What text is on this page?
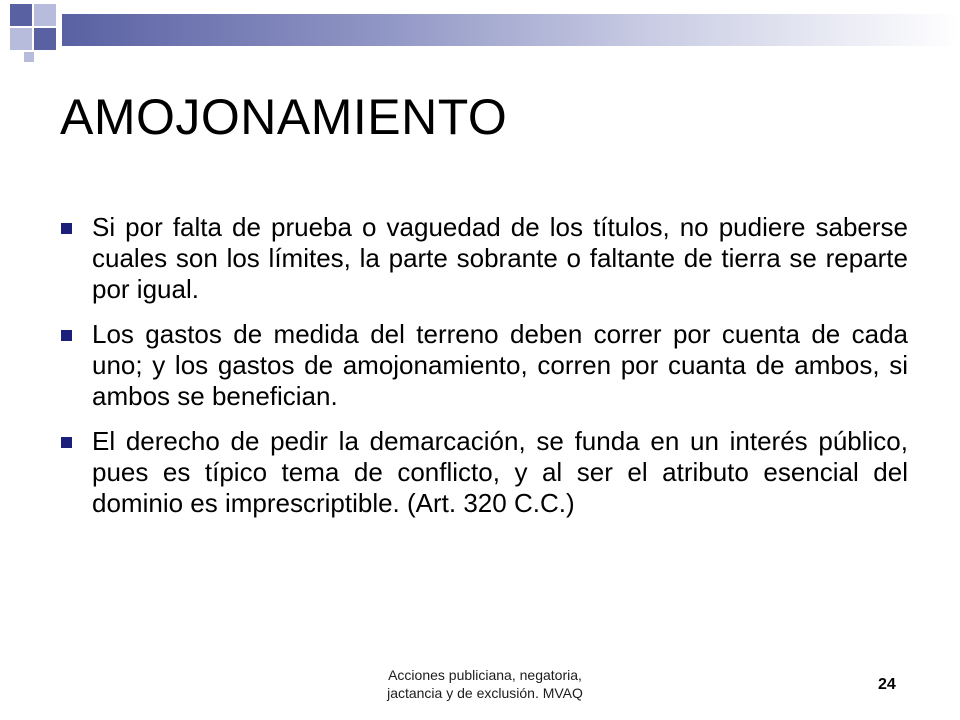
AMOJONAMIENTO
Si por falta de prueba o vaguedad de los títulos, no pudiere saberse cuales son los límites, la parte sobrante o faltante de tierra se reparte por igual.
Los gastos de medida del terreno deben correr por cuenta de cada uno; y los gastos de amojonamiento, corren por cuanta de ambos, si ambos se benefician.
El derecho de pedir la demarcación, se funda en un interés público, pues es típico tema de conflicto, y al ser el atributo esencial del dominio es imprescriptible. (Art. 320 C.C.)
Acciones publiciana, negatoria,
jactancia y de exclusión. MVAQ	24
